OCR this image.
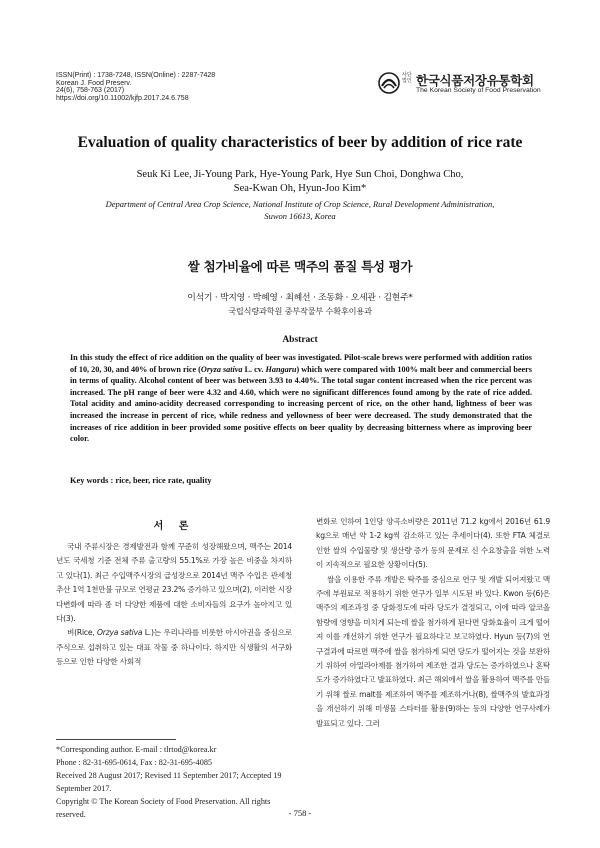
ISSN(Print) : 1738-7248, ISSN(Online) : 2287-7428
Korean J. Food Preserv.
24(6), 758-763 (2017)
https://doi.org/10.11002/kjfp.2017.24.6.758
사단법인 한국식품저장유통학회
The Korean Society of Food Preservation
Evaluation of quality characteristics of beer by addition of rice rate
Seuk Ki Lee, Ji-Young Park, Hye-Young Park, Hye Sun Choi, Donghwa Cho,
Sea-Kwan Oh, Hyun-Joo Kim*
Department of Central Area Crop Science, National Institute of Crop Science, Rural Development Administration,
Suwon 16613, Korea
쌀 첨가비율에 따른 맥주의 품질 특성 평가
이석기 · 박지영 · 박혜영 · 최혜선 · 조동화 · 오세관 · 김현주*
국립식량과학원 중부작물부 수확후이용과
Abstract
In this study the effect of rice addition on the quality of beer was investigated. Pilot-scale brews were performed with addition ratios of 10, 20, 30, and 40% of brown rice (Oryza sativa L. cv. Hangaru) which were compared with 100% malt beer and commercial beers in terms of quality. Alcohol content of beer was between 3.93 to 4.40%. The total sugar content increased when the rice percent was increased. The pH range of beer were 4.32 and 4.60, which were no significant differences found among by the rate of rice added. Total acidity and amino-acidity decreased corresponding to increasing percent of rice, on the other hand, lightness of beer was increased the increase in percent of rice, while redness and yellowness of beer were decreased. The study demonstrated that the increases of rice addition in beer provided some positive effects on beer quality by decreasing bitterness where as improving beer color.
Key words : rice, beer, rice rate, quality
서 론

국내 주류시장은 경제발전과 함께 꾸준히 성장해왔으며, 맥주는 2014년도 국세청 기준 전체 주류 출고량의 55.1%로 가장 높은 비중을 차지하고 있다(1). 최근 수입맥주시장의 급성장으로 2014년 맥주 수입은 관세청 추산 1억 1천만불 규모로 연평균 23.2% 증가하고 있으며(2), 이러한 시장 다변화에 따라 좀 더 다양한 제품에 대한 소비자들의 요구가 높아지고 있다(3).

벼(Rice, Orzya sativa L.)는 우리나라를 비롯한 아시아권을 중심으로 주식으로 섭취하고 있는 대표 작물 중 하나이다. 하지만 식생활의 서구화 등으로 인한 다양한 사회적

변화로 인하여 1인당 양곡소비량은 2011년 71.2 kg에서 2016년 61.9 kg으로 매년 약 1-2 kg씩 감소하고 있는 추세이다(4). 또한 FTA 체결로 인한 쌀의 수입물량 및 생산량 증가 등의 문제로 신 수요창출을 위한 노력이 지속적으로 필요한 상황이다(5).

쌀을 이용한 주류 개발은 탁주를 중심으로 연구 및 개발 되어져왔고 맥주에 부원료로 적용하기 위한 연구가 일부 시도된 바 있다. Kwon 등(6)은 맥주의 제조과정 중 당화정도에 따라 당도가 결정되고, 이에 따라 알코올 함량에 영향을 미치게 되는데 쌀을 첨가하게 된다면 당화효율이 크게 떨어져 이를 개선하기 위한 연구가 필요하다고 보고하였다. Hyun 등(7)의 연구결과에 따르면 맥주에 쌀을 첨가하게 되면 당도가 떨어지는 것을 보완하기 위하여 아밀라아제를 첨가하여 제조한 결과 당도는 증가하였으나 혼탁도가 증가하였다고 발표하였다. 최근 해외에서 쌀을 활용하여 맥주를 만들기 위해 쌀로 malt를 제조하여 맥주를 제조하거나(8), 쌀맥주의 발효과정을 개선하기 위해 미생물 스타터를 활용(9)하는 등의 다양한 연구사례가 발표되고 있다. 그러

*Corresponding author. E-mail : tlrtod@korea.kr
Phone : 82-31-695-0614, Fax : 82-31-695-4085
Received 28 August 2017; Revised 11 September 2017; Accepted 19 September 2017.
Copyright © The Korean Society of Food Preservation. All rights reserved.	- 758 -
